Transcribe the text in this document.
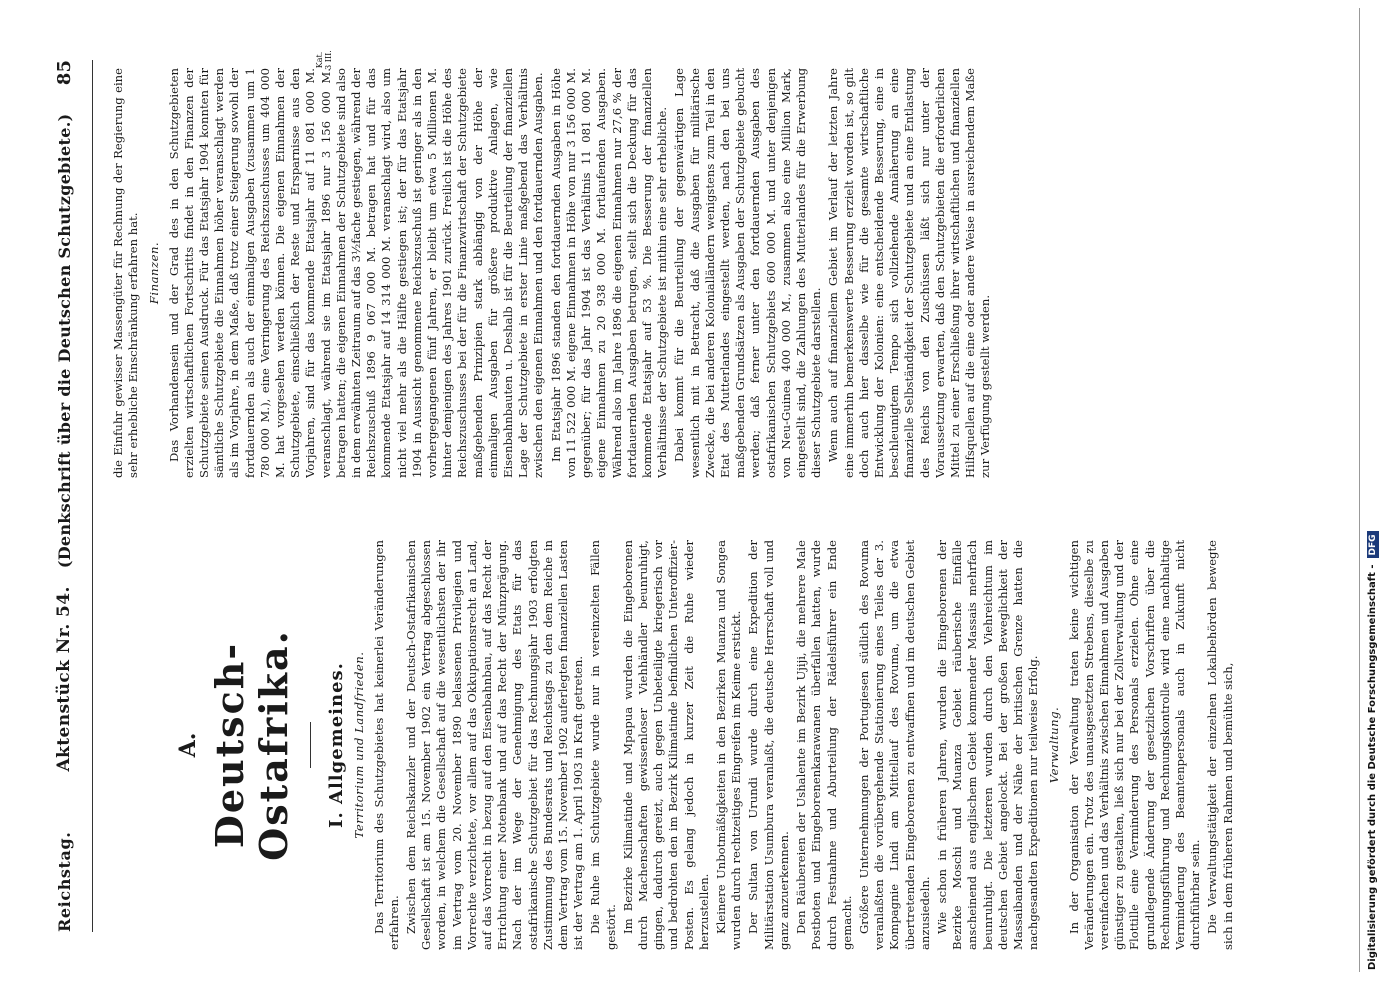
Reichstag.
Aktenstück Nr. 54.
(Denkschrift über die Deutschen Schutzgebiete.)
85	Kat.
3 III.

die Einfuhr gewisser Massengüter für Rechnung der Regierung eine sehr erhebliche Einschränkung erfahren hat. Finanzen. Das Vorhandensein und der Grad des in den Schutzgebieten erzielten wirtschaftlichen Fortschritts findet in den Finanzen der Schutzgebiete seinen Ausdruck. Für das Etatsjahr 1904 konnten für sämtliche Schutzgebiete die Einnahmen höher veranschlagt werden als im Vorjahre, in dem Maße, daß trotz einer Steigerung sowohl der fortdauernden als auch der einmaligen Ausgaben (zusammen um 1 780 000 M.), eine Verringerung des Reichszuschusses um 404 000 M. hat vorgesehen werden können. Die eigenen Einnahmen der Schutzgebiete, einschließlich der Reste und Ersparnisse aus den Vorjahren, sind für das kommende Etatsjahr auf 11 081 000 M. veranschlagt, während sie im Etatsjahr 1896 nur 3 156 000 M. betragen hatten; die eigenen Einnahmen der Schutzgebiete sind also in dem erwähnten Zeitraum auf das 3½fache gestiegen, während der Reichszuschuß 1896 9 067 000 M. betragen hat und für das kommende Etatsjahr auf 14 314 000 M. veranschlagt wird, also um nicht viel mehr als die Hälfte gestiegen ist; der für das Etatsjahr 1904 in Aussicht genommene Reichszuschuß ist geringer als in den vorhergegangenen fünf Jahren, er bleibt um etwa 5 Millionen M. hinter demjenigen des Jahres 1901 zurück. Freilich ist die Höhe des Reichszuschusses bei der für die Finanzwirtschaft der Schutzgebiete maßgebenden Prinzipien stark abhängig von der Höhe der einmaligen Ausgaben für größere produktive Anlagen, wie Eisenbahnbauten u. Deshalb ist für die Beurteilung der finanziellen Lage der Schutzgebiete in erster Linie maßgebend das Verhältnis zwischen den eigenen Einnahmen und den fortdauernden Ausgaben. Im Etatsjahr 1896 standen den fortdauernden Ausgaben in Höhe von 11 522 000 M. eigene Einnahmen in Höhe von nur 3 156 000 M. gegenüber; für das Jahr 1904 ist das Verhältnis 11 081 000 M. eigene Einnahmen zu 20 938 000 M. fortlaufenden Ausgaben. Während also im Jahre 1896 die eigenen Einnahmen nur 27,6 % der fortdauernden Ausgaben betrugen, stellt sich die Deckung für das kommende Etatsjahr auf 53 %. Die Besserung der finanziellen Verhältnisse der Schutzgebiete ist mithin eine sehr erhebliche. Dabei kommt für die Beurteilung der gegenwärtigen Lage wesentlich mit in Betracht, daß die Ausgaben für militärische Zwecke, die bei anderen Kolonialländern wenigstens zum Teil in den Etat des Mutterlandes eingestellt werden, nach den bei uns maßgebenden Grundsätzen als Ausgaben der Schutzgebiete gebucht werden; daß ferner unter den fortdauernden Ausgaben des ostafrikanischen Schutzgebiets 600 000 M. und unter denjenigen von Neu-Guinea 400 000 M., zusammen also eine Million Mark, eingestellt sind, die Zahlungen des Mutterlandes für die Erwerbung dieser Schutzgebiete darstellen. Wenn auch auf finanziellem Gebiet im Verlauf der letzten Jahre eine immerhin bemerkenswerte Besserung erzielt worden ist, so gilt doch auch hier dasselbe wie für die gesamte wirtschaftliche Entwicklung der Kolonien: eine entscheidende Besserung, eine in beschleunigtem Tempo sich vollziehende Annäherung an eine finanzielle Selbständigkeit der Schutzgebiete und an eine Entlastung des Reichs von den Zuschüssen läßt sich nur unter der Voraussetzung erwarten, daß den Schutzgebieten die erforderlichen Mittel zu einer Erschließung ihrer wirtschaftlichen und finanziellen Hilfsquellen auf die eine oder andere Weise in ausreichendem Maße zur Verfügung gestellt werden.

A. Deutsch-Ostafrika. I. Allgemeines. Territorium und Landfrieden. Das Territorium des Schutzgebietes hat keinerlei Veränderungen erfahren. Zwischen dem Reichskanzler und der Deutsch-Ostafrikanischen Gesellschaft ist am 15. November 1902 ein Vertrag abgeschlossen worden, in welchem die Gesellschaft auf die wesentlichsten der ihr im Vertrag vom 20. November 1890 belassenen Privilegien und Vorrechte verzichtete, vor allem auf das Okkupationsrecht an Land, auf das Vorrecht in bezug auf den Eisenbahnbau, auf das Recht der Errichtung einer Notenbank und auf das Recht der Münzprägung. Nach der im Wege der Genehmigung des Etats für das ostafrikanische Schutzgebiet für das Rechnungsjahr 1903 erfolgten Zustimmung des Bundesrats und Reichstags zu den dem Reiche in dem Vertrag vom 15. November 1902 auferlegten finanziellen Lasten ist der Vertrag am 1. April 1903 in Kraft getreten. Die Ruhe im Schutzgebiete wurde nur in vereinzelten Fällen gestört. Im Bezirke Kilimatinde und Mpapua wurden die Eingeborenen durch Machenschaften gewissenloser Viehhändler beunruhigt, gingen, dadurch gereizt, auch gegen Unbeteiligte kriegerisch vor und bedrohten den im Bezirk Kilimatinde befindlichen Unteroffizier-Posten. Es gelang jedoch in kurzer Zeit die Ruhe wieder herzustellen. Kleinere Unbotmäßigkeiten in den Bezirken Muanza und Songea wurden durch rechtzeitiges Eingreifen im Keime erstickt. Der Sultan von Urundi wurde durch eine Expedition der Militärstation Usumbura veranlaßt, die deutsche Herrschaft voll und ganz anzuerkennen. Den Räubereien der Ushalente im Bezirk Ujiji, die mehrere Male Postboten und Eingeborenenkarawanen überfallen hatten, wurde durch Festnahme und Aburteilung der Rädelsführer ein Ende gemacht. Größere Unternehmungen der Portugiesen südlich des Rovuma veranlaßten die vorübergehende Stationierung eines Teiles der 3. Kompagnie Lindi am Mittellauf des Rovuma, um die etwa übertretenden Eingeborenen zu entwaffnen und im deutschen Gebiet anzusiedeln. Wie schon in früheren Jahren, wurden die Eingeborenen der Bezirke Moschi und Muanza Gebiet räuberische Einfälle anscheinend aus englischem Gebiet kommender Massais mehrfach beunruhigt. Die letzteren wurden durch den Viehreichtum im deutschen Gebiet angelockt. Bei der großen Beweglichkeit der Massaibanden und der Nähe der britischen Grenze hatten die nachgesandten Expeditionen nur teilweise Erfolg. Verwaltung. In der Organisation der Verwaltung traten keine wichtigen Veränderungen ein. Trotz des unausgesetzten Strebens, dieselbe zu vereinfachen und das Verhältnis zwischen Einnahmen und Ausgaben günstiger zu gestalten, ließ sich nur bei der Zollverwaltung und der Flottille eine Verminderung des Personals erzielen. Ohne eine grundlegende Änderung der gesetzlichen Vorschriften über die Rechnungsführung und Rechnungskontrolle wird eine nachhaltige Verminderung des Beamtenpersonals auch in Zukunft nicht durchführbar sein. Die Verwaltungstätigkeit der einzelnen Lokalbehörden bewegte sich in dem früheren Rahmen und bemühte sich,	Digitalisierung gefördert durch die Deutsche Forschungsgemeinschaft -
DFG
